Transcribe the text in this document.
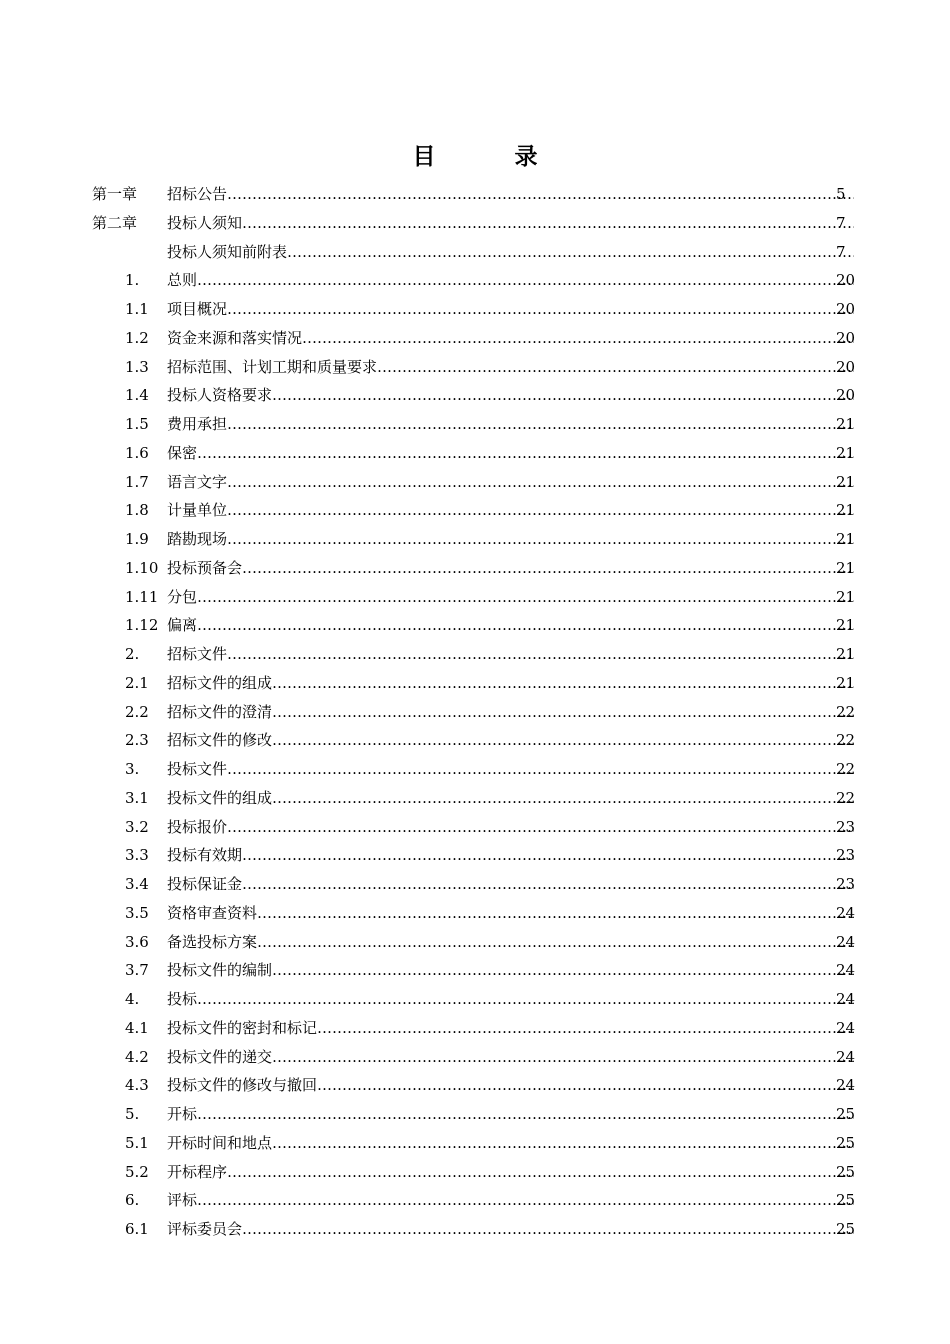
目　录
第一章 招标公告 …………………………………………………………………………………………………………………………………………………………………………………………………………………………………………………	5
第二章 投标人须知 …………………………………………………………………………………………………………………………………………………………………………………………………………………………………………………	7
投标人须知前附表 …………………………………………………………………………………………………………………………………………………………………………………………………………………………………………………	7
1. 总则 …………………………………………………………………………………………………………………………………………………………………………………………………………………………………………………	20
1.1 项目概况 …………………………………………………………………………………………………………………………………………………………………………………………………………………………………………………	20
1.2 资金来源和落实情况 …………………………………………………………………………………………………………………………………………………………………………………………………………………………………………………	20
1.3 招标范围、计划工期和质量要求 …………………………………………………………………………………………………………………………………………………………………………………………………………………………………………………	20
1.4 投标人资格要求 …………………………………………………………………………………………………………………………………………………………………………………………………………………………………………………	20
1.5 费用承担 …………………………………………………………………………………………………………………………………………………………………………………………………………………………………………………	21
1.6 保密 …………………………………………………………………………………………………………………………………………………………………………………………………………………………………………………	21
1.7 语言文字 …………………………………………………………………………………………………………………………………………………………………………………………………………………………………………………	21
1.8 计量单位 …………………………………………………………………………………………………………………………………………………………………………………………………………………………………………………	21
1.9 踏勘现场 …………………………………………………………………………………………………………………………………………………………………………………………………………………………………………………	21
1.10 投标预备会 …………………………………………………………………………………………………………………………………………………………………………………………………………………………………………………	21
1.11 分包 …………………………………………………………………………………………………………………………………………………………………………………………………………………………………………………	21
1.12 偏离 …………………………………………………………………………………………………………………………………………………………………………………………………………………………………………………	21
2. 招标文件 …………………………………………………………………………………………………………………………………………………………………………………………………………………………………………………	21
2.1 招标文件的组成 …………………………………………………………………………………………………………………………………………………………………………………………………………………………………………………	21
2.2 招标文件的澄清 …………………………………………………………………………………………………………………………………………………………………………………………………………………………………………………	22
2.3 招标文件的修改 …………………………………………………………………………………………………………………………………………………………………………………………………………………………………………………	22
3. 投标文件 …………………………………………………………………………………………………………………………………………………………………………………………………………………………………………………	22
3.1 投标文件的组成 …………………………………………………………………………………………………………………………………………………………………………………………………………………………………………………	22
3.2 投标报价 …………………………………………………………………………………………………………………………………………………………………………………………………………………………………………………	23
3.3 投标有效期 …………………………………………………………………………………………………………………………………………………………………………………………………………………………………………………	23
3.4 投标保证金 …………………………………………………………………………………………………………………………………………………………………………………………………………………………………………………	23
3.5 资格审查资料 …………………………………………………………………………………………………………………………………………………………………………………………………………………………………………………	24
3.6 备选投标方案 …………………………………………………………………………………………………………………………………………………………………………………………………………………………………………………	24
3.7 投标文件的编制 …………………………………………………………………………………………………………………………………………………………………………………………………………………………………………………	24
4. 投标 …………………………………………………………………………………………………………………………………………………………………………………………………………………………………………………	24
4.1 投标文件的密封和标记 …………………………………………………………………………………………………………………………………………………………………………………………………………………………………………………	24
4.2 投标文件的递交 …………………………………………………………………………………………………………………………………………………………………………………………………………………………………………………	24
4.3 投标文件的修改与撤回 …………………………………………………………………………………………………………………………………………………………………………………………………………………………………………………	24
5. 开标 …………………………………………………………………………………………………………………………………………………………………………………………………………………………………………………	25
5.1 开标时间和地点 …………………………………………………………………………………………………………………………………………………………………………………………………………………………………………………	25
5.2 开标程序 …………………………………………………………………………………………………………………………………………………………………………………………………………………………………………………	25
6. 评标 …………………………………………………………………………………………………………………………………………………………………………………………………………………………………………………	25
6.1 评标委员会 …………………………………………………………………………………………………………………………………………………………………………………………………………………………………………………	25
